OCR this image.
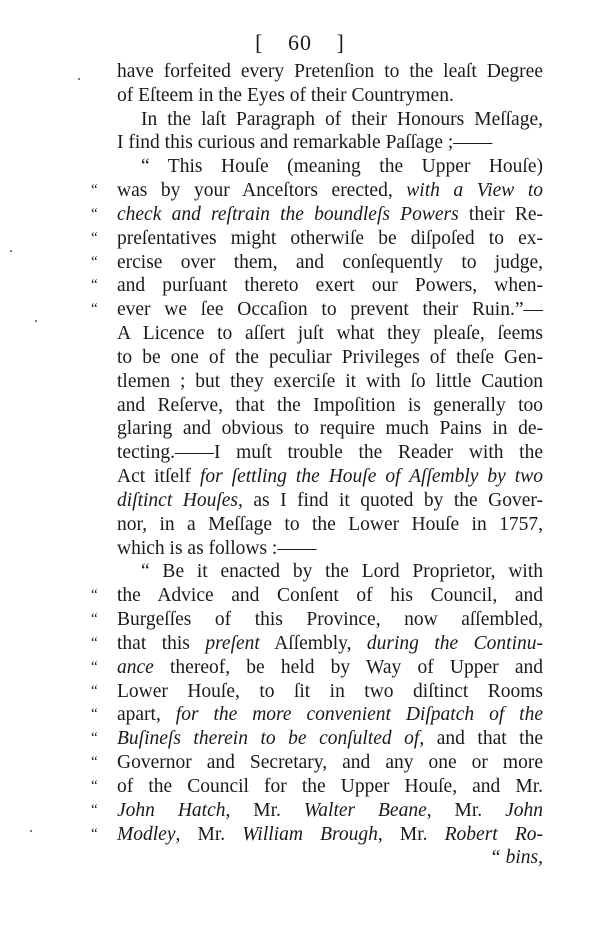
[ 60 ]
have forfeited every Pretenſion to the leaſt Degree
of Eſteem in the Eyes of their Countrymen.
In the laſt Paragraph of their Honours Meſſage,
I find this curious and remarkable Paſſage ;——
“ This Houſe (meaning the Upper Houſe)
“ was by your Anceſtors erected, with a View to
“ check and reſtrain the boundleſs Powers their Re-
“ preſentatives might otherwiſe be diſpoſed to ex-
“ ercise over them, and conſequently to judge,
“ and purſuant thereto exert our Powers, when-
“ ever we ſee Occaſion to prevent their Ruin.”—
A Licence to aſſert juſt what they pleaſe, ſeems
to be one of the peculiar Privileges of theſe Gen-
tlemen ; but they exerciſe it with ſo little Caution
and Reſerve, that the Impoſition is generally too
glaring and obvious to require much Pains in de-
tecting.——I muſt trouble the Reader with the
Act itſelf for ſettling the Houſe of Aſſembly by two
diſtinct Houſes, as I find it quoted by the Gover-
nor, in a Meſſage to the Lower Houſe in 1757,
which is as follows :——
“ Be it enacted by the Lord Proprietor, with
“ the Advice and Conſent of his Council, and
“ Burgeſſes of this Province, now aſſembled,
“ that this preſent Aſſembly, during the Continu-
“ ance thereof, be held by Way of Upper and
“ Lower Houſe, to ſit in two diſtinct Rooms
“ apart, for the more convenient Diſpatch of the
“ Buſineſs therein to be conſulted of, and that the
“ Governor and Secretary, and any one or more
“ of the Council for the Upper Houſe, and Mr.
“ John Hatch, Mr. Walter Beane, Mr. John
“ Modley, Mr. William Brough, Mr. Robert Ro-
“ bins,
